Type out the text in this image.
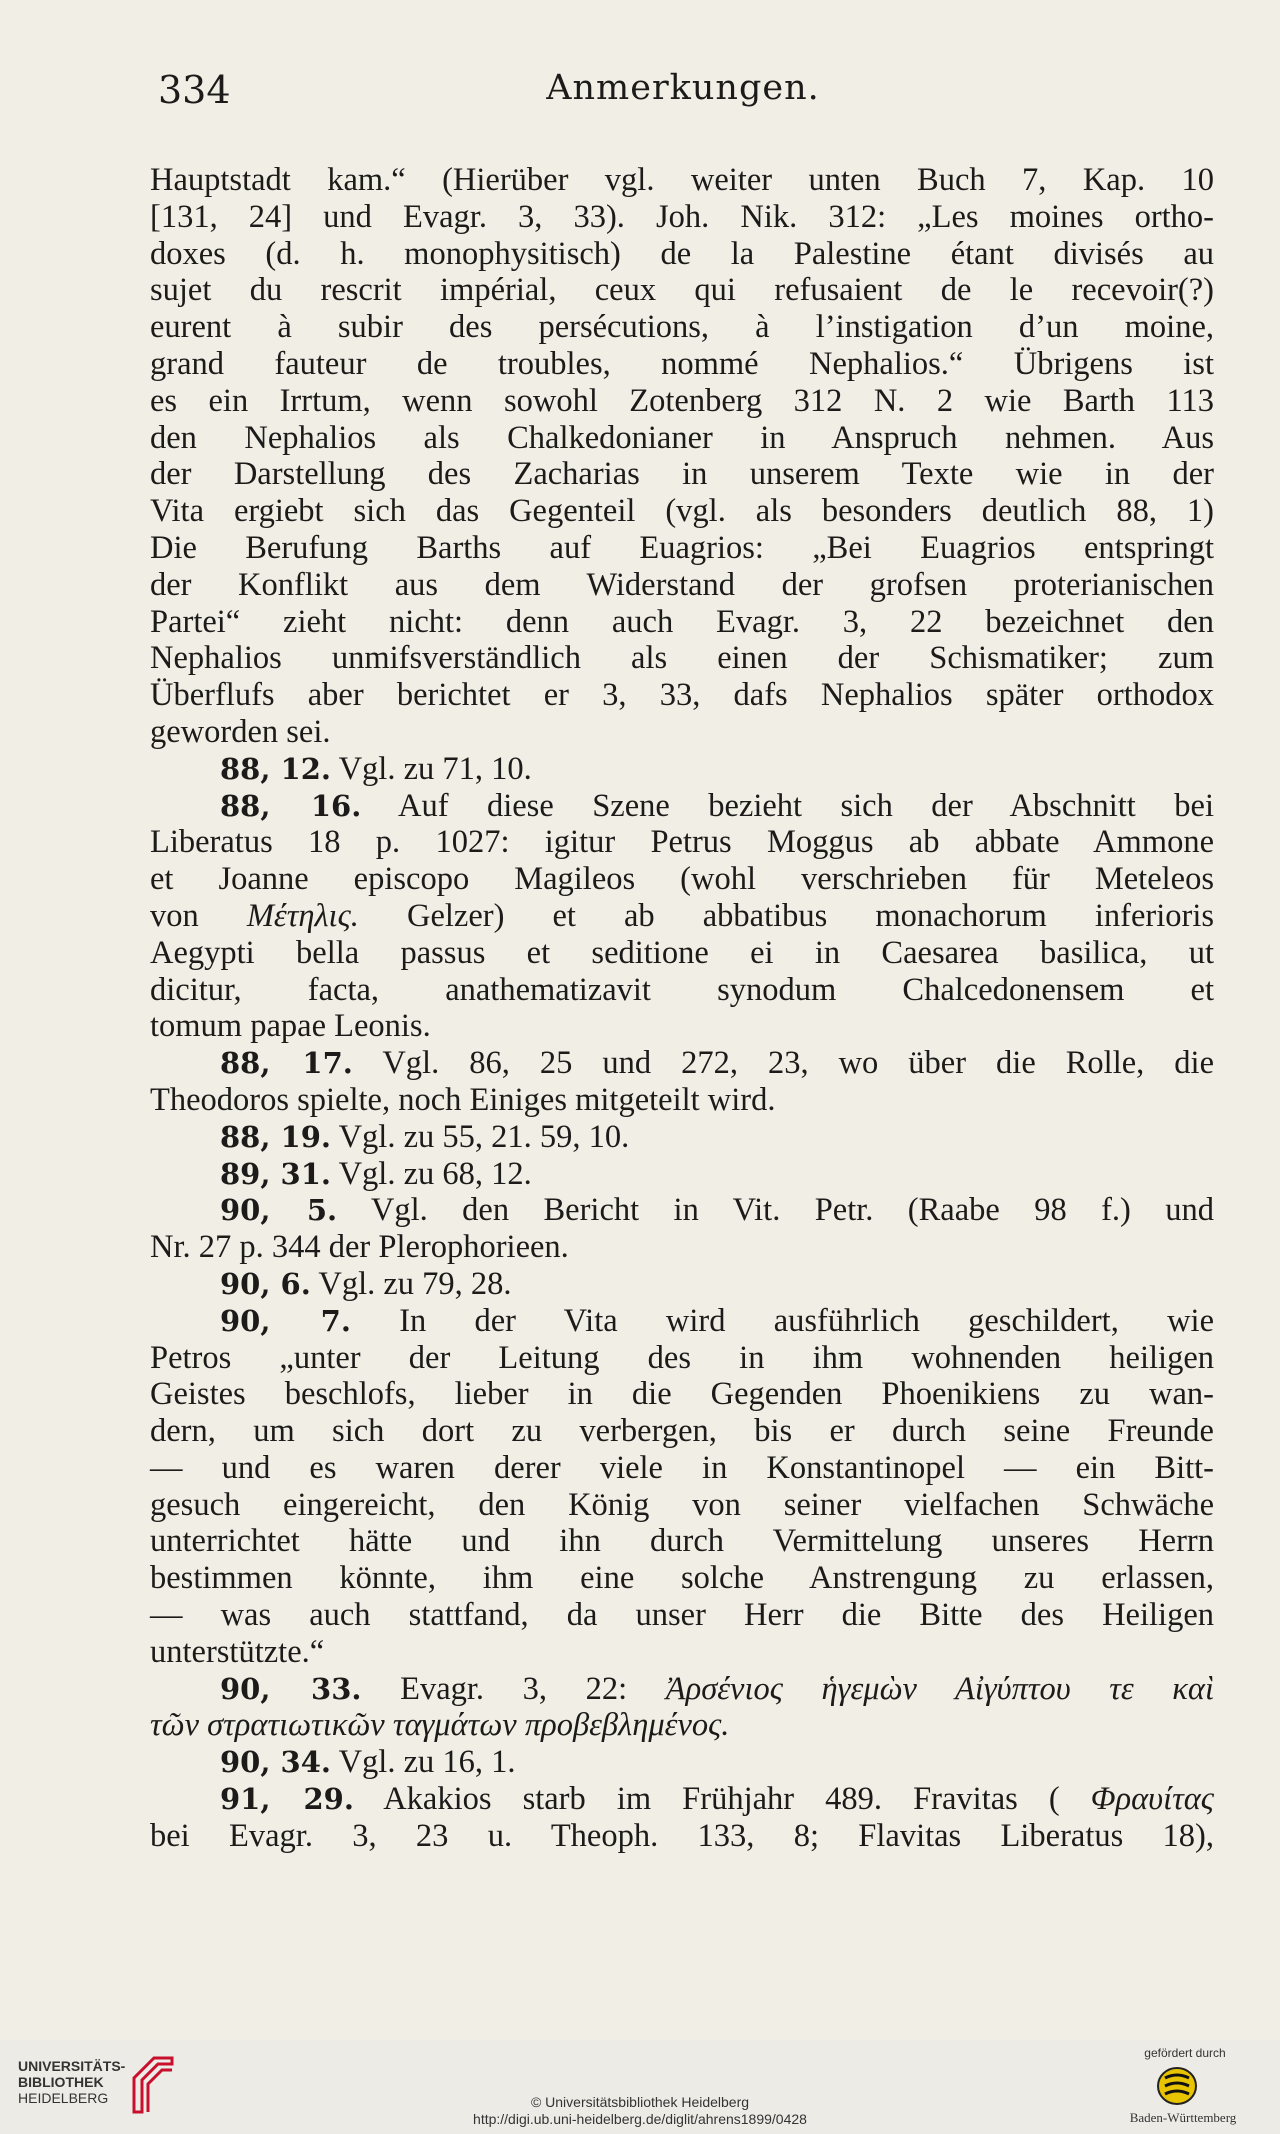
334	Anmerkungen.
Hauptstadt kam.“ (Hierüber vgl. weiter unten Buch 7, Kap. 10
[131, 24] und Evagr. 3, 33). Joh. Nik. 312: „Les moines ortho-
doxes (d. h. monophysitisch) de la Palestine étant divisés au
sujet du rescrit impérial, ceux qui refusaient de le recevoir(?)
eurent à subir des persécutions, à l’instigation d’un moine,
grand fauteur de troubles, nommé Nephalios.“ Übrigens ist
es ein Irrtum, wenn sowohl Zotenberg 312 N. 2 wie Barth 113
den Nephalios als Chalkedonianer in Anspruch nehmen. Aus
der Darstellung des Zacharias in unserem Texte wie in der
Vita ergiebt sich das Gegenteil (vgl. als besonders deutlich 88, 1)
Die Berufung Barths auf Euagrios: „Bei Euagrios entspringt
der Konflikt aus dem Widerstand der grofsen proterianischen
Partei“ zieht nicht: denn auch Evagr. 3, 22 bezeichnet den
Nephalios unmifsverständlich als einen der Schismatiker; zum
Überflufs aber berichtet er 3, 33, dafs Nephalios später orthodox
geworden sei.
88, 12. Vgl. zu 71, 10.
88, 16. Auf diese Szene bezieht sich der Abschnitt bei
Liberatus 18 p. 1027: igitur Petrus Moggus ab abbate Ammone
et Joanne episcopo Magileos (wohl verschrieben für Meteleos
von Μέτηλις. Gelzer) et ab abbatibus monachorum inferioris
Aegypti bella passus et seditione ei in Caesarea basilica, ut
dicitur, facta, anathematizavit synodum Chalcedonensem et
tomum papae Leonis.
88, 17. Vgl. 86, 25 und 272, 23, wo über die Rolle, die
Theodoros spielte, noch Einiges mitgeteilt wird.
88, 19. Vgl. zu 55, 21. 59, 10.
89, 31. Vgl. zu 68, 12.
90, 5. Vgl. den Bericht in Vit. Petr. (Raabe 98 f.) und
Nr. 27 p. 344 der Plerophorieen.
90, 6. Vgl. zu 79, 28.
90, 7. In der Vita wird ausführlich geschildert, wie
Petros „unter der Leitung des in ihm wohnenden heiligen
Geistes beschlofs, lieber in die Gegenden Phoenikiens zu wan-
dern, um sich dort zu verbergen, bis er durch seine Freunde
— und es waren derer viele in Konstantinopel — ein Bitt-
gesuch eingereicht, den König von seiner vielfachen Schwäche
unterrichtet hätte und ihn durch Vermittelung unseres Herrn
bestimmen könnte, ihm eine solche Anstrengung zu erlassen,
— was auch stattfand, da unser Herr die Bitte des Heiligen
unterstützte.“
90, 33. Evagr. 3, 22: Ἀρσένιος ἡγεμὼν Αἰγύπτου τε καὶ
τῶν στρατιωτικῶν ταγμάτων προβεβλημένος.
90, 34. Vgl. zu 16, 1.
91, 29. Akakios starb im Frühjahr 489. Fravitas ( Φραυίτας
bei Evagr. 3, 23 u. Theoph. 133, 8; Flavitas Liberatus 18),
UNIVERSITÄTS-
BIBLIOTHEK
HEIDELBERG	© Universitätsbibliothek Heidelberg
http://digi.ub.uni-heidelberg.de/diglit/ahrens1899/0428
gefördert durch
Baden-Württemberg
